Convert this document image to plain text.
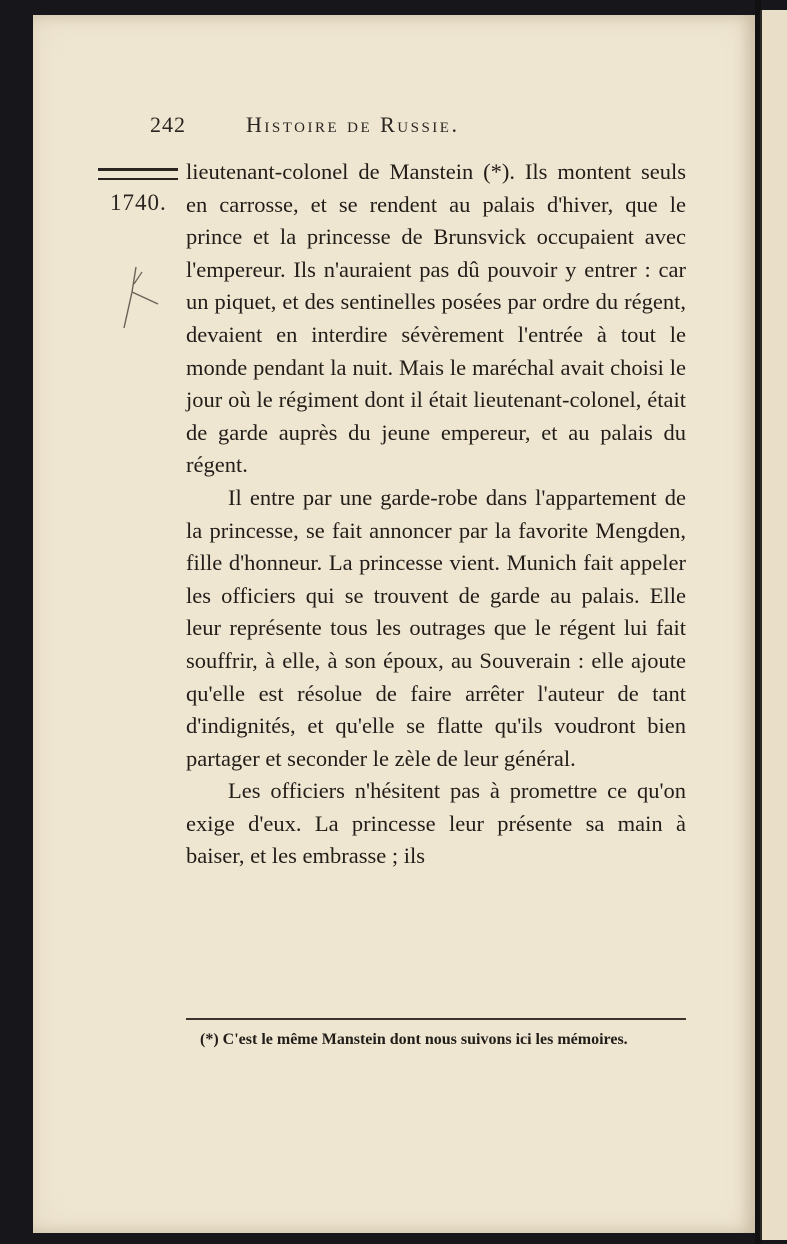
242	Histoire de Russie.
1740.

lieutenant-colonel de Manstein (*). Ils montent seuls en carrosse, et se rendent au palais d'hiver, que le prince et la princesse de Brunsvick occupaient avec l'empereur. Ils n'auraient pas dû pouvoir y entrer : car un piquet, et des sentinelles posées par ordre du régent, devaient en interdire sévèrement l'entrée à tout le monde pendant la nuit. Mais le maréchal avait choisi le jour où le régiment dont il était lieutenant-colonel, était de garde auprès du jeune empereur, et au palais du régent.

Il entre par une garde-robe dans l'appartement de la princesse, se fait annoncer par la favorite Mengden, fille d'honneur. La princesse vient. Munich fait appeler les officiers qui se trouvent de garde au palais. Elle leur représente tous les outrages que le régent lui fait souffrir, à elle, à son époux, au Souverain : elle ajoute qu'elle est résolue de faire arrêter l'auteur de tant d'indignités, et qu'elle se flatte qu'ils voudront bien partager et seconder le zèle de leur général.

Les officiers n'hésitent pas à promettre ce qu'on exige d'eux. La princesse leur présente sa main à baiser, et les embrasse ; ils

(*) C'est le même Manstein dont nous suivons ici les mémoires.
